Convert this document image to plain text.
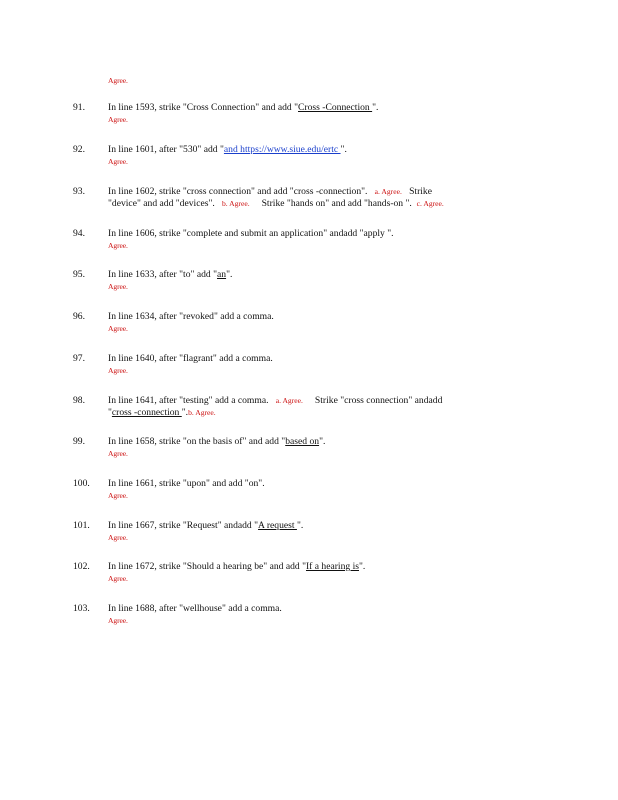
Agree.
91. In line 1593, strike "Cross Connection" and add "Cross -Connection ".
Agree.
92. In line 1601, after "530" add "and https://www.siue.edu/ertc ".
Agree.
93. In line 1602, strike "cross connection" and add "cross -connection". a. Agree. Strike
"device" and add "devices". b. Agree. Strike "hands on" and add "hands-on ". c. Agree.
94. In line 1606, strike "complete and submit an application" andadd "apply ".
Agree.
95. In line 1633, after "to" add "an".
Agree.
96. In line 1634, after "revoked" add a comma.
Agree.
97. In line 1640, after "flagrant" add a comma.
Agree.
98. In line 1641, after "testing" add a comma. a. Agree. Strike "cross connection" andadd
"cross -connection ".b. Agree.
99. In line 1658, strike "on the basis of" and add "based on".
Agree.
100. In line 1661, strike "upon" and add "on".
Agree.
101. In line 1667, strike "Request" andadd "A request ".
Agree.
102. In line 1672, strike "Should a hearing be" and add "If a hearing is".
Agree.
103. In line 1688, after "wellhouse" add a comma.
Agree.
